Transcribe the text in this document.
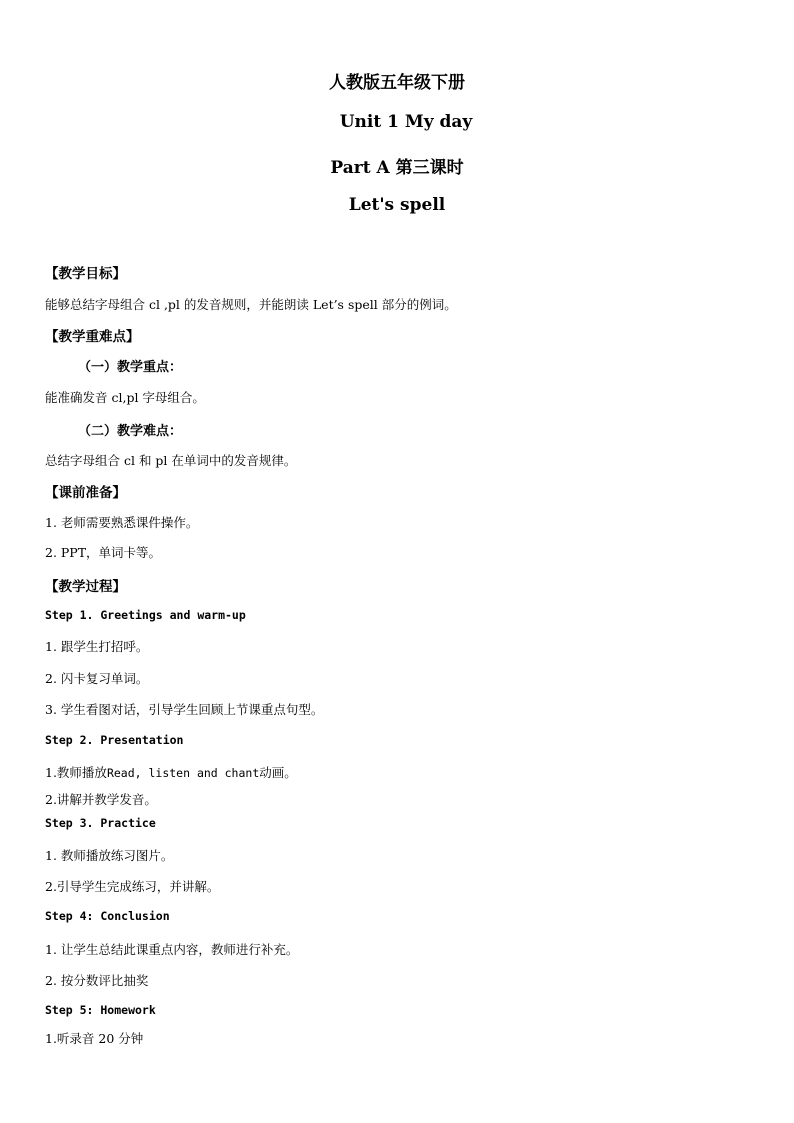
人教版五年级下册
Unit 1 My day
Part A 第三课时
Let's spell
【教学目标】
能够总结字母组合 cl ,pl 的发音规则，并能朗读 Let’s spell 部分的例词。
【教学重难点】
（一）教学重点：
能准确发音 cl,pl 字母组合。
（二）教学难点：
总结字母组合 cl 和 pl 在单词中的发音规律。
【课前准备】
1. 老师需要熟悉课件操作。
2. PPT，单词卡等。
【教学过程】
Step 1. Greetings and warm-up
1. 跟学生打招呼。
2. 闪卡复习单词。
3. 学生看图对话，引导学生回顾上节课重点句型。
Step 2. Presentation
1.教师播放Read, listen and chant动画。
2.讲解并教学发音。
Step 3. Practice
1. 教师播放练习图片。
2.引导学生完成练习，并讲解。
Step 4: Conclusion
1. 让学生总结此课重点内容，教师进行补充。
2. 按分数评比抽奖
Step 5: Homework
1.听录音 20 分钟
